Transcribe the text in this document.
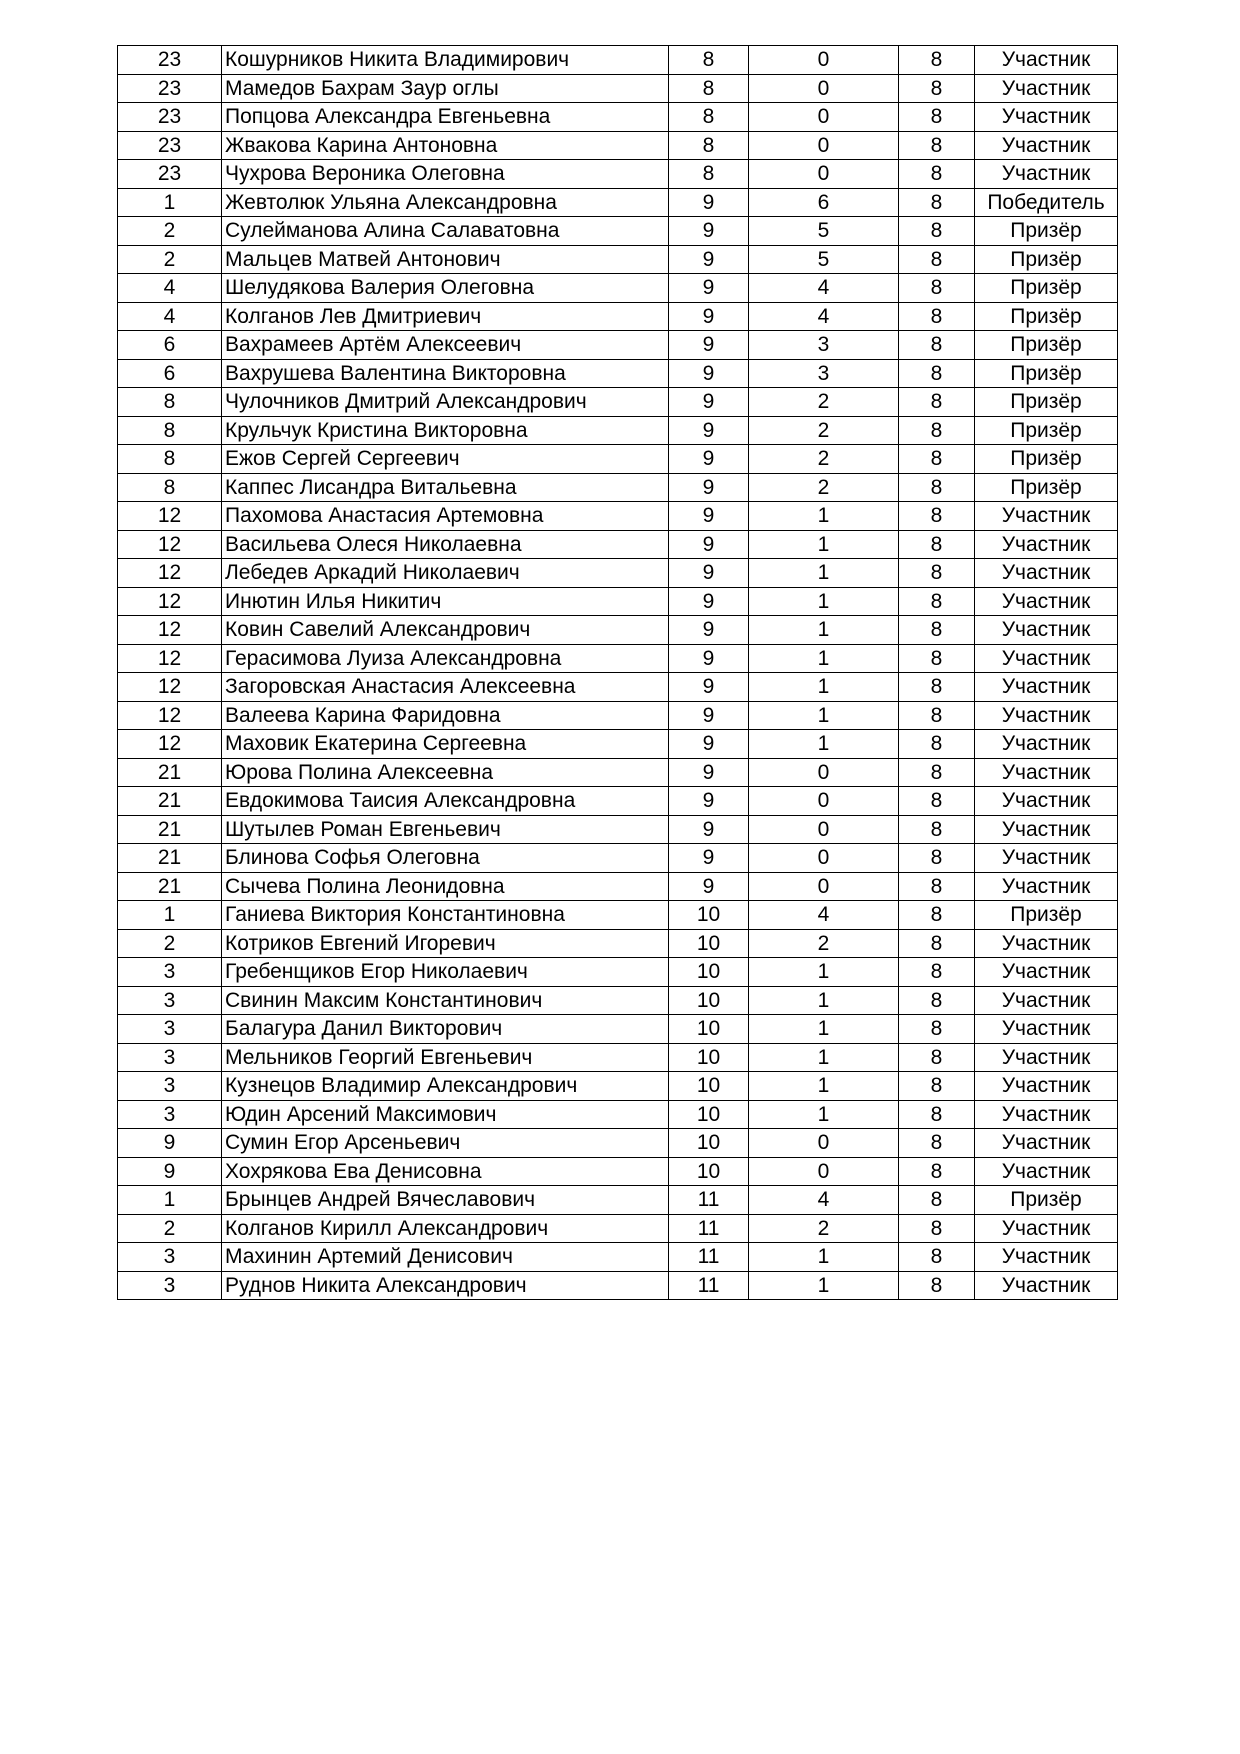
23	Кошурников Никита Владимирович	8	0	8	Участник
23	Мамедов Бахрам Заур оглы	8	0	8	Участник
23	Попцова Александра Евгеньевна	8	0	8	Участник
23	Жвакова Карина Антоновна	8	0	8	Участник
23	Чухрова Вероника Олеговна	8	0	8	Участник
1	Жевтолюк Ульяна Александровна	9	6	8	Победитель
2	Сулейманова Алина Салаватовна	9	5	8	Призёр
2	Мальцев Матвей Антонович	9	5	8	Призёр
4	Шелудякова Валерия Олеговна	9	4	8	Призёр
4	Колганов Лев Дмитриевич	9	4	8	Призёр
6	Вахрамеев Артём Алексеевич	9	3	8	Призёр
6	Вахрушева Валентина Викторовна	9	3	8	Призёр
8	Чулочников Дмитрий Александрович	9	2	8	Призёр
8	Крульчук Кристина Викторовна	9	2	8	Призёр
8	Ежов Сергей Сергеевич	9	2	8	Призёр
8	Каппес Лисандра Витальевна	9	2	8	Призёр
12	Пахомова Анастасия Артемовна	9	1	8	Участник
12	Васильева Олеся Николаевна	9	1	8	Участник
12	Лебедев Аркадий Николаевич	9	1	8	Участник
12	Инютин Илья Никитич	9	1	8	Участник
12	Ковин Савелий Александрович	9	1	8	Участник
12	Герасимова Луиза Александровна	9	1	8	Участник
12	Загоровская Анастасия Алексеевна	9	1	8	Участник
12	Валеева Карина Фаридовна	9	1	8	Участник
12	Маховик Екатерина Сергеевна	9	1	8	Участник
21	Юрова Полина Алексеевна	9	0	8	Участник
21	Евдокимова Таисия Александровна	9	0	8	Участник
21	Шутылев Роман Евгеньевич	9	0	8	Участник
21	Блинова Софья Олеговна	9	0	8	Участник
21	Сычева Полина Леонидовна	9	0	8	Участник
1	Ганиева Виктория Константиновна	10	4	8	Призёр
2	Котриков Евгений Игоревич	10	2	8	Участник
3	Гребенщиков Егор Николаевич	10	1	8	Участник
3	Свинин Максим Константинович	10	1	8	Участник
3	Балагура Данил Викторович	10	1	8	Участник
3	Мельников Георгий Евгеньевич	10	1	8	Участник
3	Кузнецов Владимир Александрович	10	1	8	Участник
3	Юдин Арсений Максимович	10	1	8	Участник
9	Сумин Егор Арсеньевич	10	0	8	Участник
9	Хохрякова Ева Денисовна	10	0	8	Участник
1	Брынцев Андрей Вячеславович	11	4	8	Призёр
2	Колганов Кирилл Александрович	11	2	8	Участник
3	Махинин Артемий Денисович	11	1	8	Участник
3	Руднов Никита Александрович	11	1	8	Участник
